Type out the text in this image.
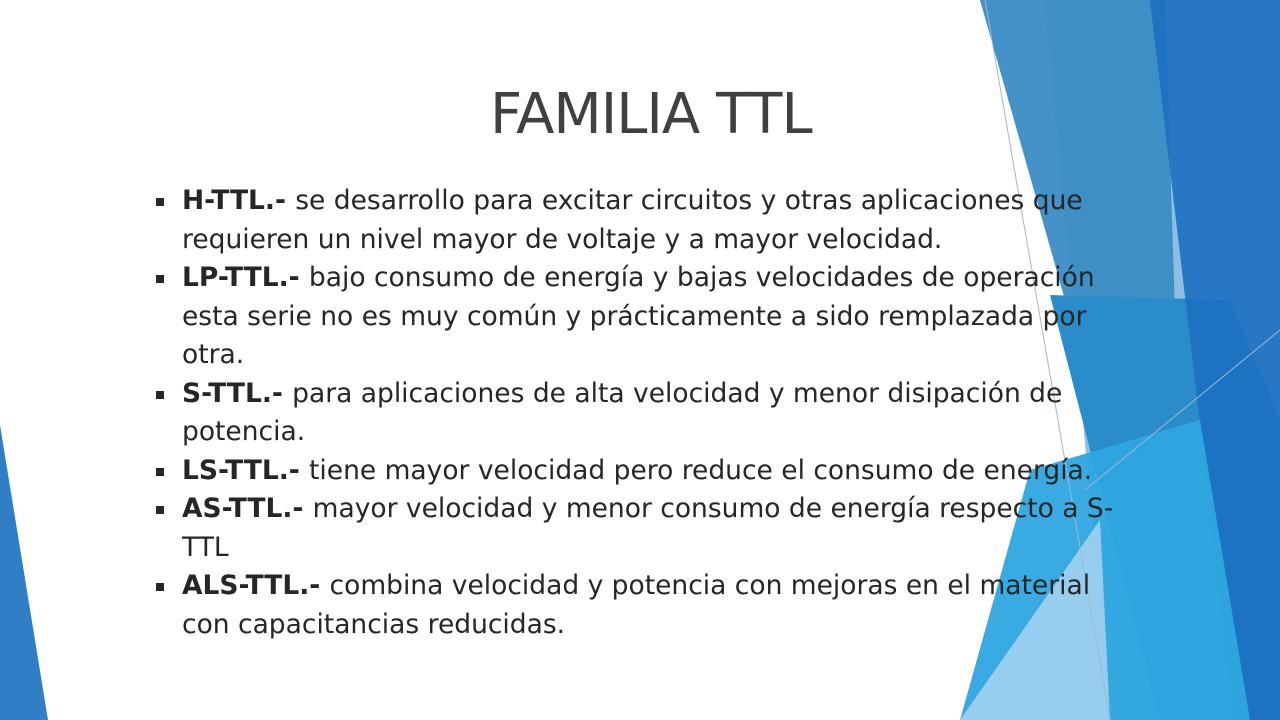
FAMILIA TTL
H-TTL.- se desarrollo para excitar circuitos y otras aplicaciones que requieren un nivel mayor de voltaje y a mayor velocidad.
LP-TTL.- bajo consumo de energía y bajas velocidades de operación esta serie no es muy común y prácticamente a sido remplazada por otra.
S-TTL.- para aplicaciones de alta velocidad y menor disipación de potencia.
LS-TTL.- tiene mayor velocidad pero reduce el consumo de energía.
AS-TTL.- mayor velocidad y menor consumo de energía respecto a S-TTL
ALS-TTL.- combina velocidad y potencia con mejoras en el material con capacitancias reducidas.
